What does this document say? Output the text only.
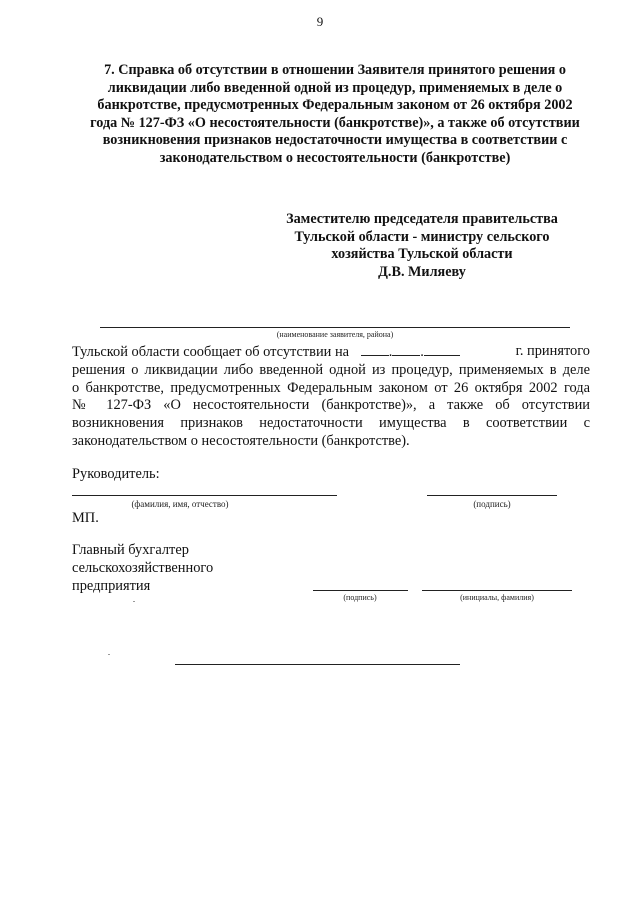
9
7. Справка об отсутствии в отношении Заявителя принятого решения о
ликвидации либо введенной одной из процедур, применяемых в деле о
банкротстве, предусмотренных Федеральным законом от 26 октября 2002
года № 127-ФЗ «О несостоятельности (банкротстве)», а также об отсутствии
возникновения признаков недостаточности имущества в соответствии с
законодательством о несостоятельности (банкротстве)
Заместителю председателя правительства
Тульской области - министру сельского
хозяйства Тульской области
Д.В. Миляеву
(наименование заявителя, района)
Тульской области сообщает об отсутствии на	. .	г. принятого
решения о ликвидации либо введенной одной из процедур, применяемых в деле
о банкротстве, предусмотренных Федеральным законом от 26 октября 2002 года
№ 127-ФЗ «О несостоятельности (банкротстве)», а также об отсутствии
возникновения признаков недостаточности имущества в соответствии с
законодательством о несостоятельности (банкротстве).
Руководитель:
(фамилия, имя, отчество)	(подпись)
МП.
Главный бухгалтер
сельскохозяйственного
предприятия
(подпись)	(инициалы, фамилия)
